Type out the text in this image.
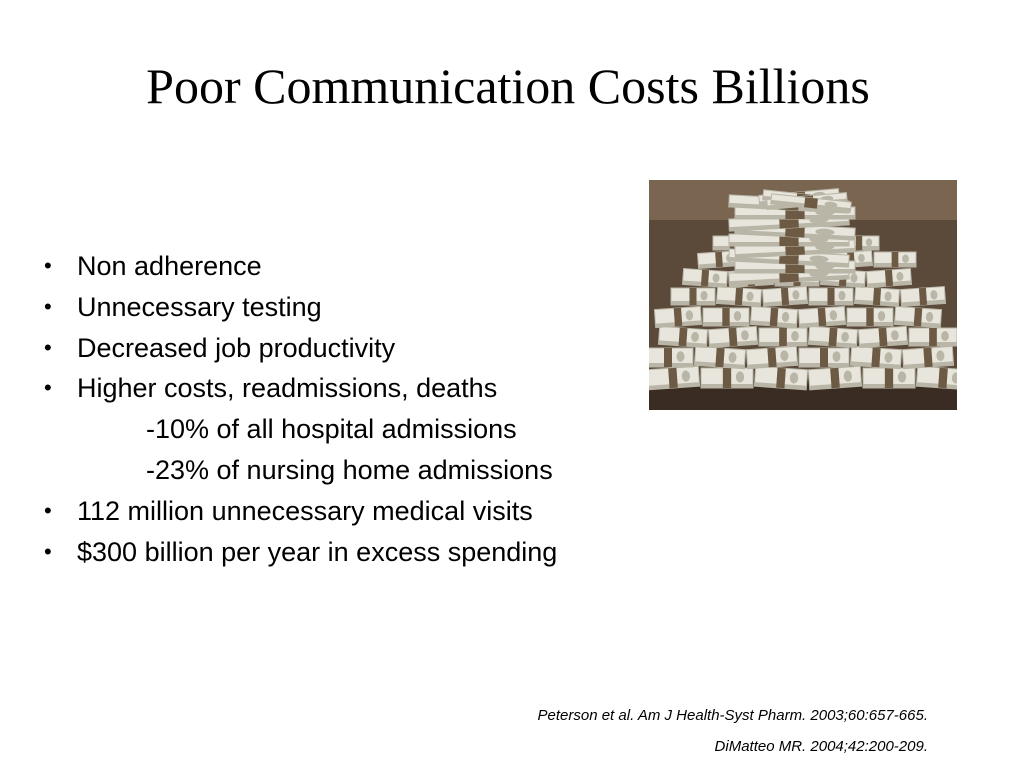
Poor Communication Costs Billions
• Non adherence
• Unnecessary testing
• Decreased job productivity
• Higher costs, readmissions, deaths
-10% of all hospital admissions
-23% of nursing home admissions
• 112 million unnecessary medical visits
• $300 billion per year in excess spending
Peterson et al. Am J Health-Syst Pharm. 2003;60:657-665.
DiMatteo MR. 2004;42:200-209.
